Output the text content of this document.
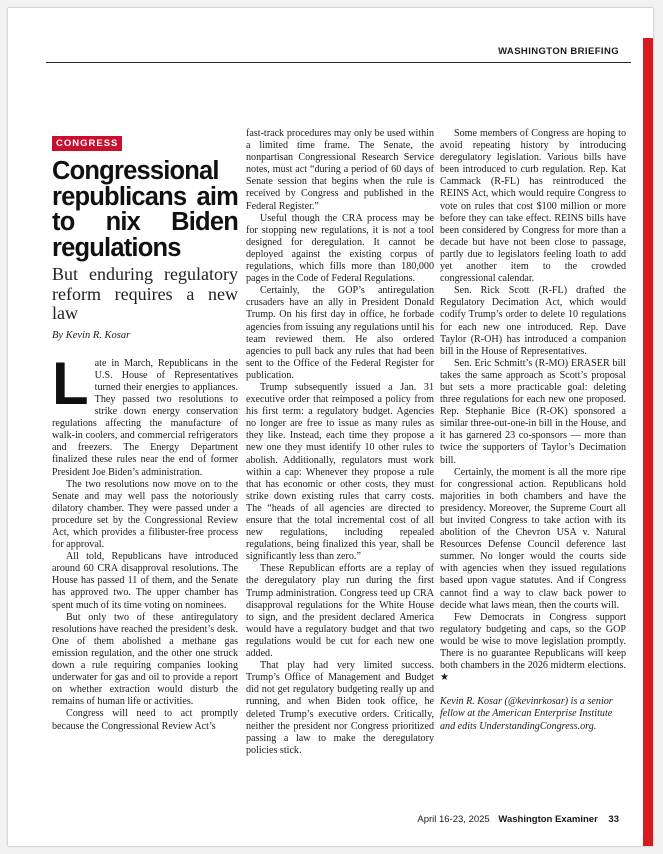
WASHINGTON BRIEFING
CONGRESS
Congressional republicans aim to nix Biden regulations
But enduring regulatory reform requires a new law
By Kevin R. Kosar
L ate in March, Republicans in the U.S. House of Representatives turned their energies to appliances. They passed two resolutions to strike down energy conservation regulations affecting the manufacture of walk-in coolers, and commercial refrigerators and freezers. The Energy Department finalized these rules near the end of former President Joe Biden’s administration.

The two resolutions now move on to the Senate and may well pass the notoriously dilatory chamber. They were passed under a procedure set by the Congressional Review Act, which provides a filibuster-free process for approval.

All told, Republicans have introduced around 60 CRA disapproval resolutions. The House has passed 11 of them, and the Senate has approved two. The upper chamber has spent much of its time voting on nominees.

But only two of these antiregulatory resolutions have reached the president’s desk. One of them abolished a methane gas emission regulation, and the other one struck down a rule requiring companies looking underwater for gas and oil to provide a report on whether extraction would disturb the remains of human life or activities.

Congress will need to act promptly because the Congressional Review Act’s

fast-track procedures may only be used within a limited time frame. The Senate, the nonpartisan Congressional Research Service notes, must act “during a period of 60 days of Senate session that begins when the rule is received by Congress and published in the Federal Register.”

Useful though the CRA process may be for stopping new regulations, it is not a tool designed for deregulation. It cannot be deployed against the existing corpus of regulations, which fills more than 180,000 pages in the Code of Federal Regulations.

Certainly, the GOP’s antiregulation crusaders have an ally in President Donald Trump. On his first day in office, he forbade agencies from issuing any regulations until his team reviewed them. He also ordered agencies to pull back any rules that had been sent to the Office of the Federal Register for publication.

Trump subsequently issued a Jan. 31 executive order that reimposed a policy from his first term: a regulatory budget. Agencies no longer are free to issue as many rules as they like. Instead, each time they propose a new one they must identify 10 other rules to abolish. Additionally, regulators must work within a cap: Whenever they propose a rule that has economic or other costs, they must strike down existing rules that carry costs. The “heads of all agencies are directed to ensure that the total incremental cost of all new regulations, including repealed regulations, being finalized this year, shall be significantly less than zero.”

These Republican efforts are a replay of the deregulatory play run during the first Trump administration. Congress teed up CRA disapproval regulations for the White House to sign, and the president declared America would have a regulatory budget and that two regulations would be cut for each new one added.

That play had very limited success. Trump’s Office of Management and Budget did not get regulatory budgeting really up and running, and when Biden took office, he deleted Trump’s executive orders. Critically, neither the president nor Congress prioritized passing a law to make the deregulatory policies stick.

Some members of Congress are hoping to avoid repeating history by introducing deregulatory legislation. Various bills have been introduced to curb regulation. Rep. Kat Cammack (R-FL) has reintroduced the REINS Act, which would require Congress to vote on rules that cost $100 million or more before they can take effect. REINS bills have been considered by Congress for more than a decade but have not been close to passage, partly due to legislators feeling loath to add yet another item to the crowded congressional calendar.

Sen. Rick Scott (R-FL) drafted the Regulatory Decimation Act, which would codify Trump’s order to delete 10 regulations for each new one introduced. Rep. Dave Taylor (R-OH) has introduced a companion bill in the House of Representatives.

Sen. Eric Schmitt’s (R-MO) ERASER bill takes the same approach as Scott’s proposal but sets a more practicable goal: deleting three regulations for each new one proposed. Rep. Stephanie Bice (R-OK) sponsored a similar three-out-one-in bill in the House, and it has garnered 23 co-sponsors — more than twice the supporters of Taylor’s Decimation bill.

Certainly, the moment is all the more ripe for congressional action. Republicans hold majorities in both chambers and have the presidency. Moreover, the Supreme Court all but invited Congress to take action with its abolition of the Chevron USA v. Natural Resources Defense Council deference last summer. No longer would the courts side with agencies when they issued regulations based upon vague statutes. And if Congress cannot find a way to claw back power to decide what laws mean, then the courts will.

Few Democrats in Congress support regulatory budgeting and caps, so the GOP would be wise to move legislation promptly. There is no guarantee Republicans will keep both chambers in the 2026 midterm elections. ★

Kevin R. Kosar (@kevinrkosar) is a senior fellow at the American Enterprise Institute and edits UnderstandingCongress.org.

April 16-23, 2025 Washington Examiner 33
